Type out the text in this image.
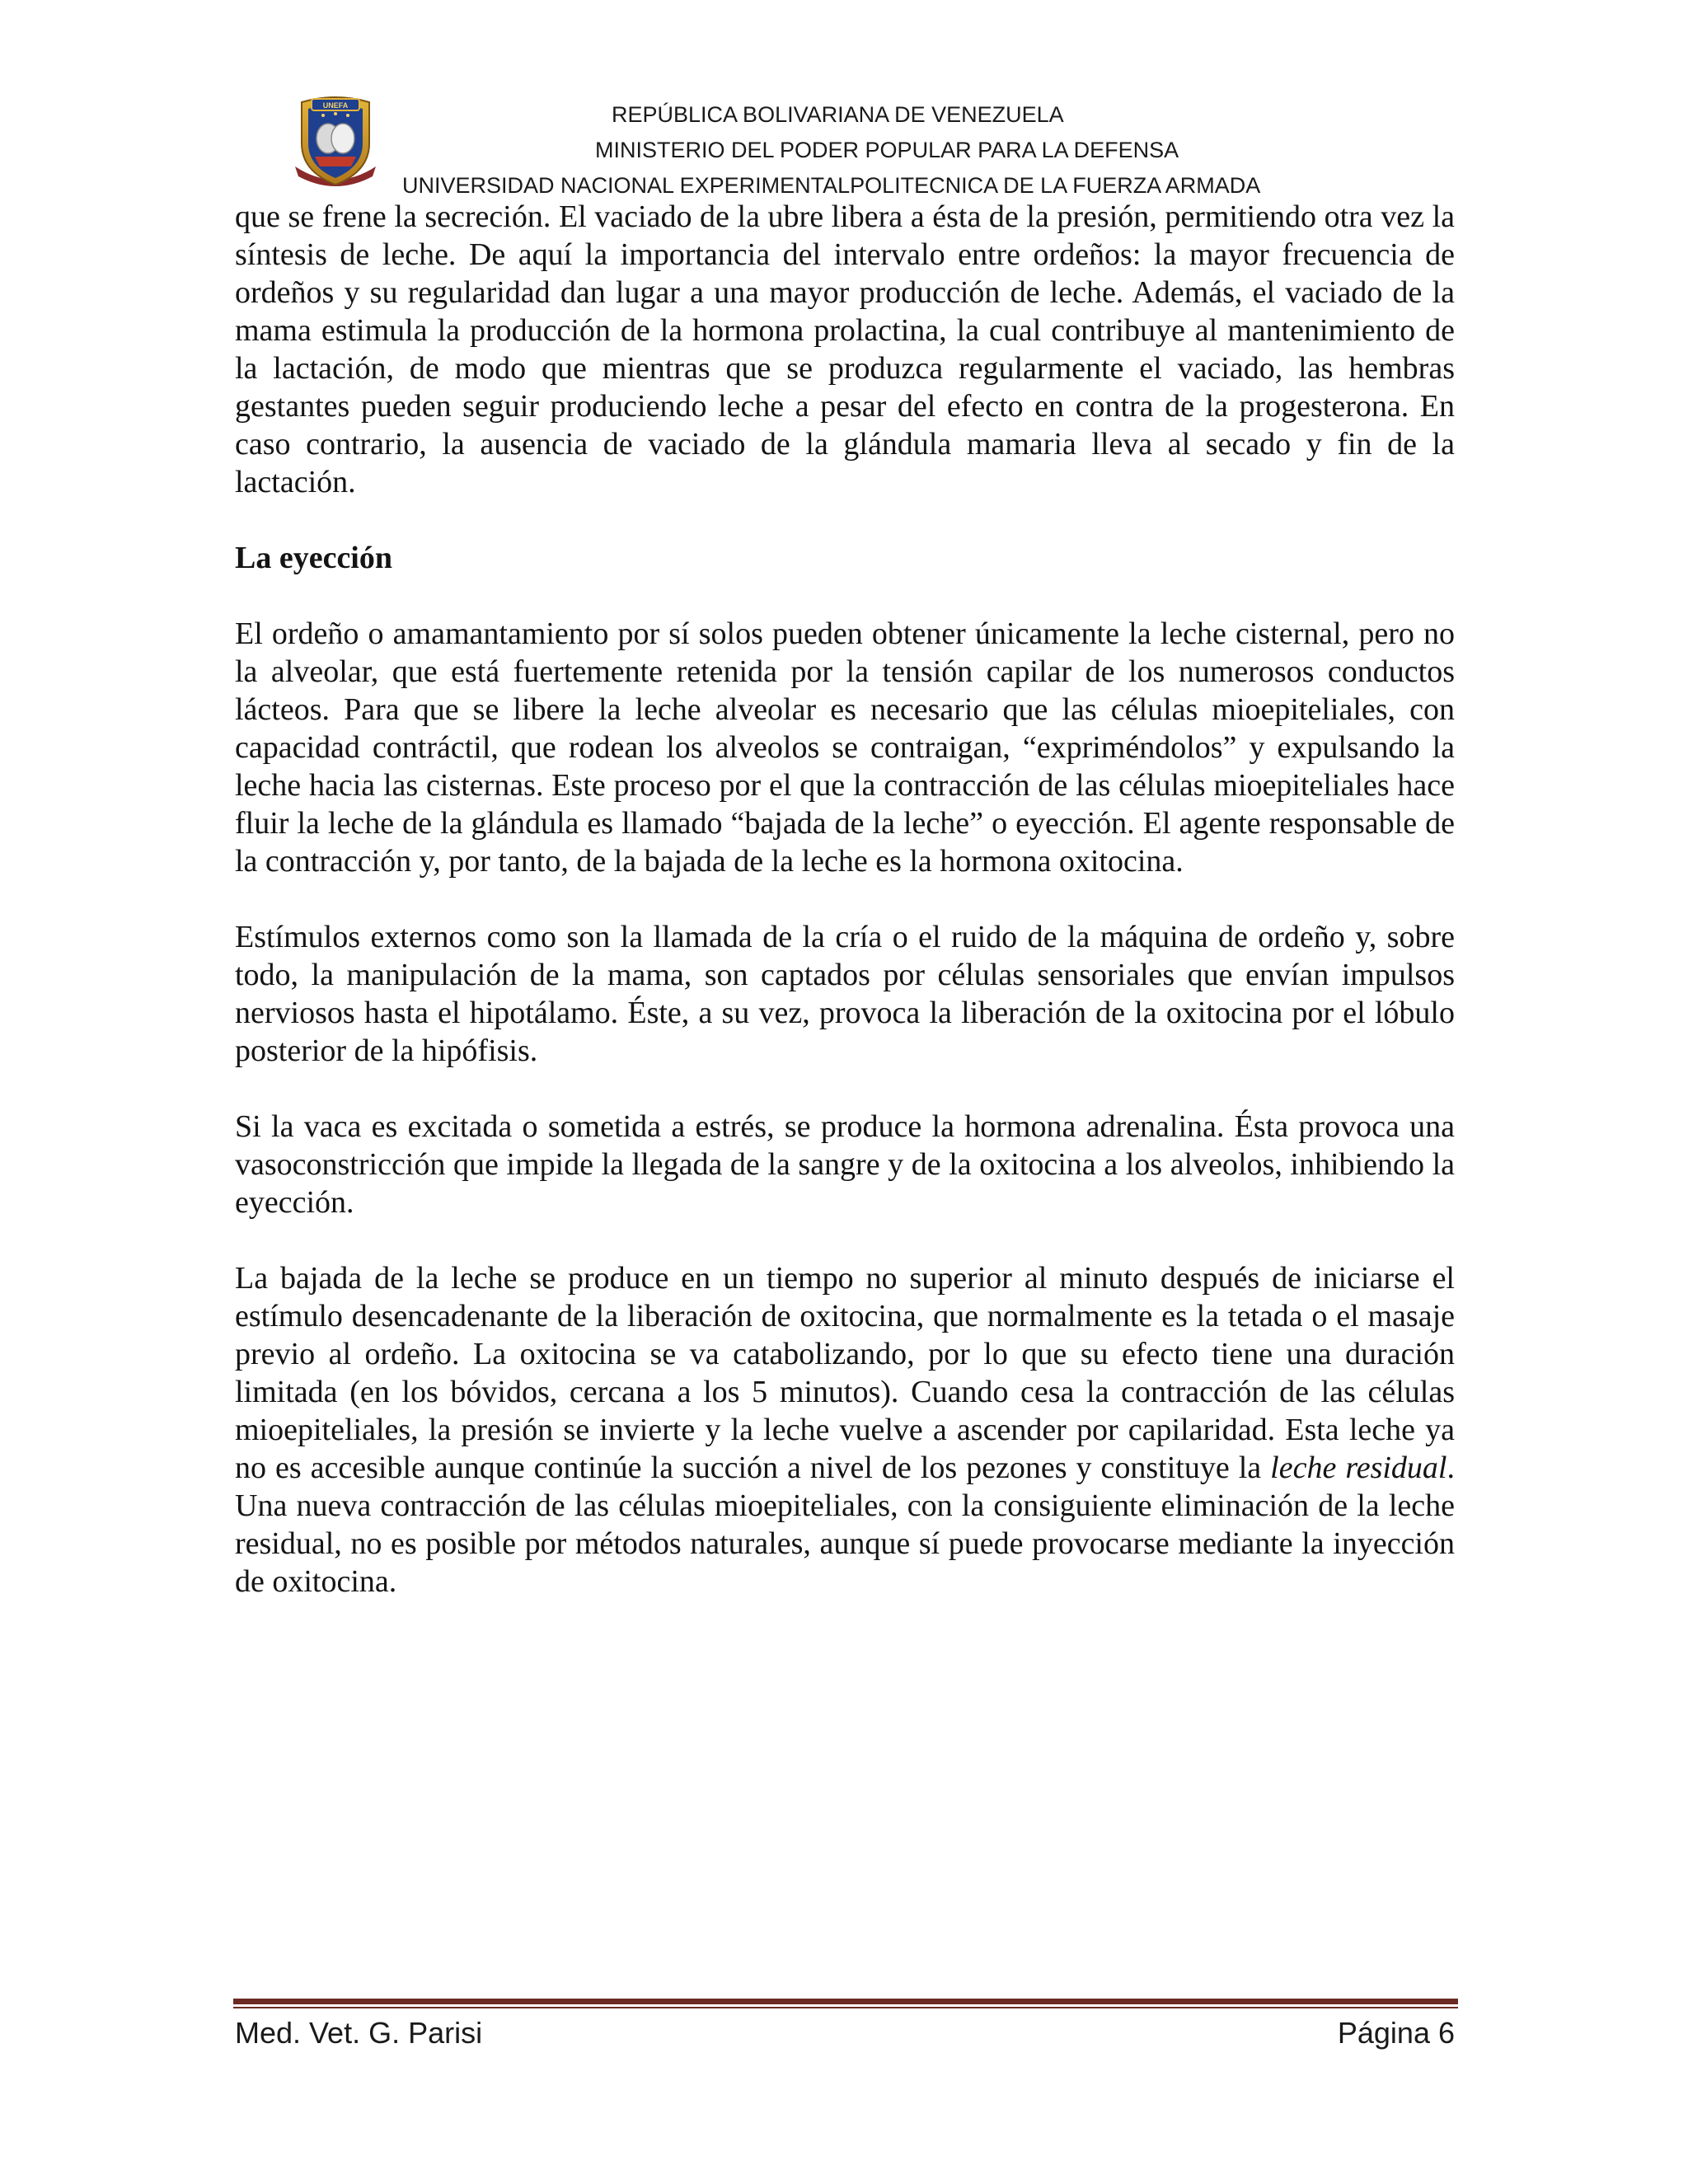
UNEFA	REPÚBLICA BOLIVARIANA DE VENEZUELA
MINISTERIO DEL PODER POPULAR PARA LA DEFENSA
UNIVERSIDAD NACIONAL EXPERIMENTALPOLITECNICA DE LA FUERZA ARMADA

que se frene la secreción. El vaciado de la ubre libera a ésta de la presión, permitiendo otra vez la síntesis de leche. De aquí la importancia del intervalo entre ordeños: la mayor frecuencia de ordeños y su regularidad dan lugar a una mayor producción de leche. Además, el vaciado de la mama estimula la producción de la hormona prolactina, la cual contribuye al mantenimiento de la lactación, de modo que mientras que se produzca regularmente el vaciado, las hembras gestantes pueden seguir produciendo leche a pesar del efecto en contra de la progesterona. En caso contrario, la ausencia de vaciado de la glándula mamaria lleva al secado y fin de la lactación.

La eyección

El ordeño o amamantamiento por sí solos pueden obtener únicamente la leche cisternal, pero no la alveolar, que está fuertemente retenida por la tensión capilar de los numerosos conductos lácteos. Para que se libere la leche alveolar es necesario que las células mioepiteliales, con capacidad contráctil, que rodean los alveolos se contraigan, “expriméndolos” y expulsando la leche hacia las cisternas. Este proceso por el que la contracción de las células mioepiteliales hace fluir la leche de la glándula es llamado “bajada de la leche” o eyección. El agente responsable de la contracción y, por tanto, de la bajada de la leche es la hormona oxitocina.

Estímulos externos como son la llamada de la cría o el ruido de la máquina de ordeño y, sobre todo, la manipulación de la mama, son captados por células sensoriales que envían impulsos nerviosos hasta el hipotálamo. Éste, a su vez, provoca la liberación de la oxitocina por el lóbulo posterior de la hipófisis.

Si la vaca es excitada o sometida a estrés, se produce la hormona adrenalina. Ésta provoca una vasoconstricción que impide la llegada de la sangre y de la oxitocina a los alveolos, inhibiendo la eyección.

La bajada de la leche se produce en un tiempo no superior al minuto después de iniciarse el estímulo desencadenante de la liberación de oxitocina, que normalmente es la tetada o el masaje previo al ordeño. La oxitocina se va catabolizando, por lo que su efecto tiene una duración limitada (en los bóvidos, cercana a los 5 minutos). Cuando cesa la contracción de las células mioepiteliales, la presión se invierte y la leche vuelve a ascender por capilaridad. Esta leche ya no es accesible aunque continúe la succión a nivel de los pezones y constituye la leche residual. Una nueva contracción de las células mioepiteliales, con la consiguiente eliminación de la leche residual, no es posible por métodos naturales, aunque sí puede provocarse mediante la inyección de oxitocina.

Med. Vet. G. Parisi	Página 6
